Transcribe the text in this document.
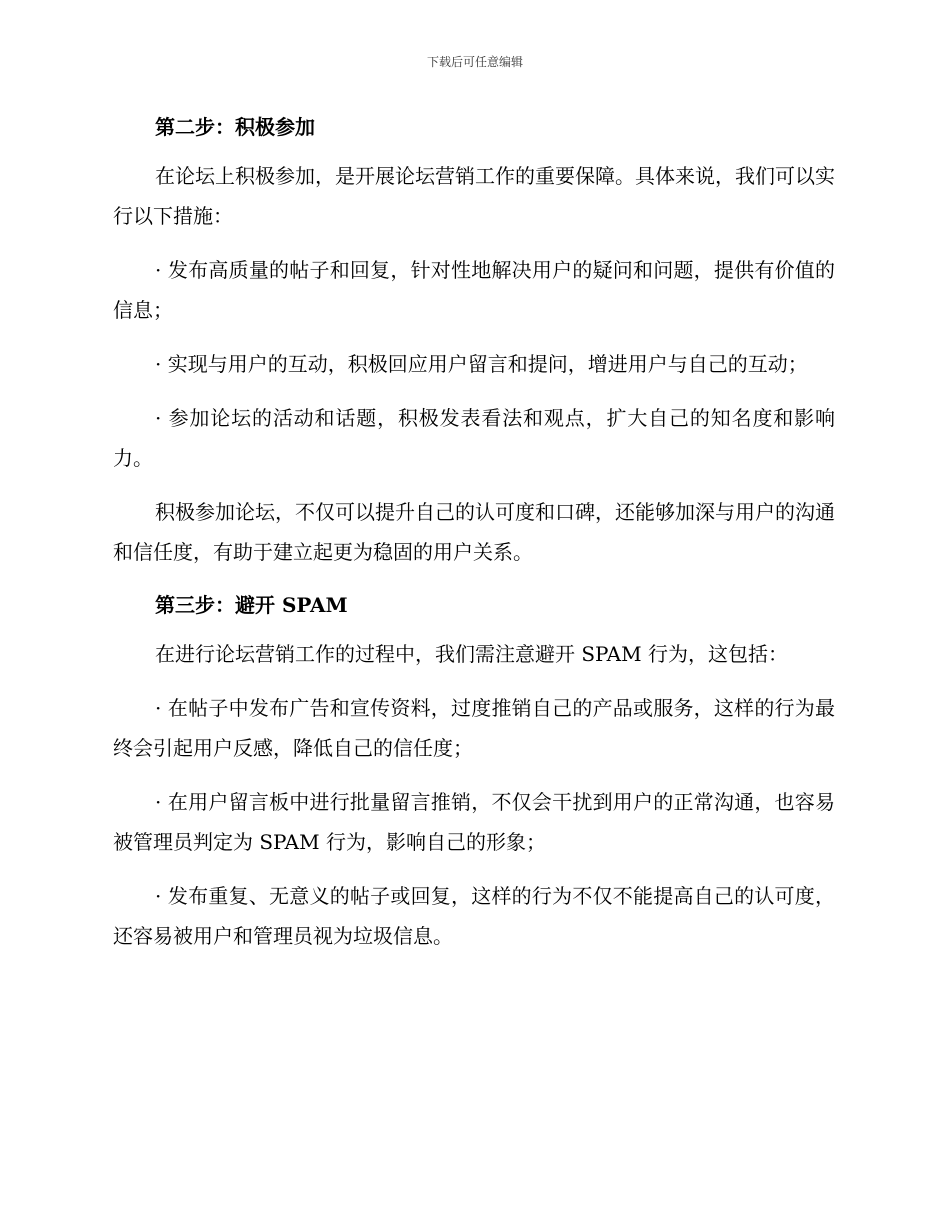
下载后可任意编辑
第二步：积极参加

在论坛上积极参加，是开展论坛营销工作的重要保障。具体来说，我们可以实行以下措施：

· 发布高质量的帖子和回复，针对性地解决用户的疑问和问题，提供有价值的信息；

· 实现与用户的互动，积极回应用户留言和提问，增进用户与自己的互动；

· 参加论坛的活动和话题，积极发表看法和观点，扩大自己的知名度和影响力。

积极参加论坛，不仅可以提升自己的认可度和口碑，还能够加深与用户的沟通和信任度，有助于建立起更为稳固的用户关系。

第三步：避开 SPAM

在进行论坛营销工作的过程中，我们需注意避开 SPAM 行为，这包括：

· 在帖子中发布广告和宣传资料，过度推销自己的产品或服务，这样的行为最终会引起用户反感，降低自己的信任度；

· 在用户留言板中进行批量留言推销，不仅会干扰到用户的正常沟通，也容易被管理员判定为 SPAM 行为，影响自己的形象；

· 发布重复、无意义的帖子或回复，这样的行为不仅不能提高自己的认可度，还容易被用户和管理员视为垃圾信息。
